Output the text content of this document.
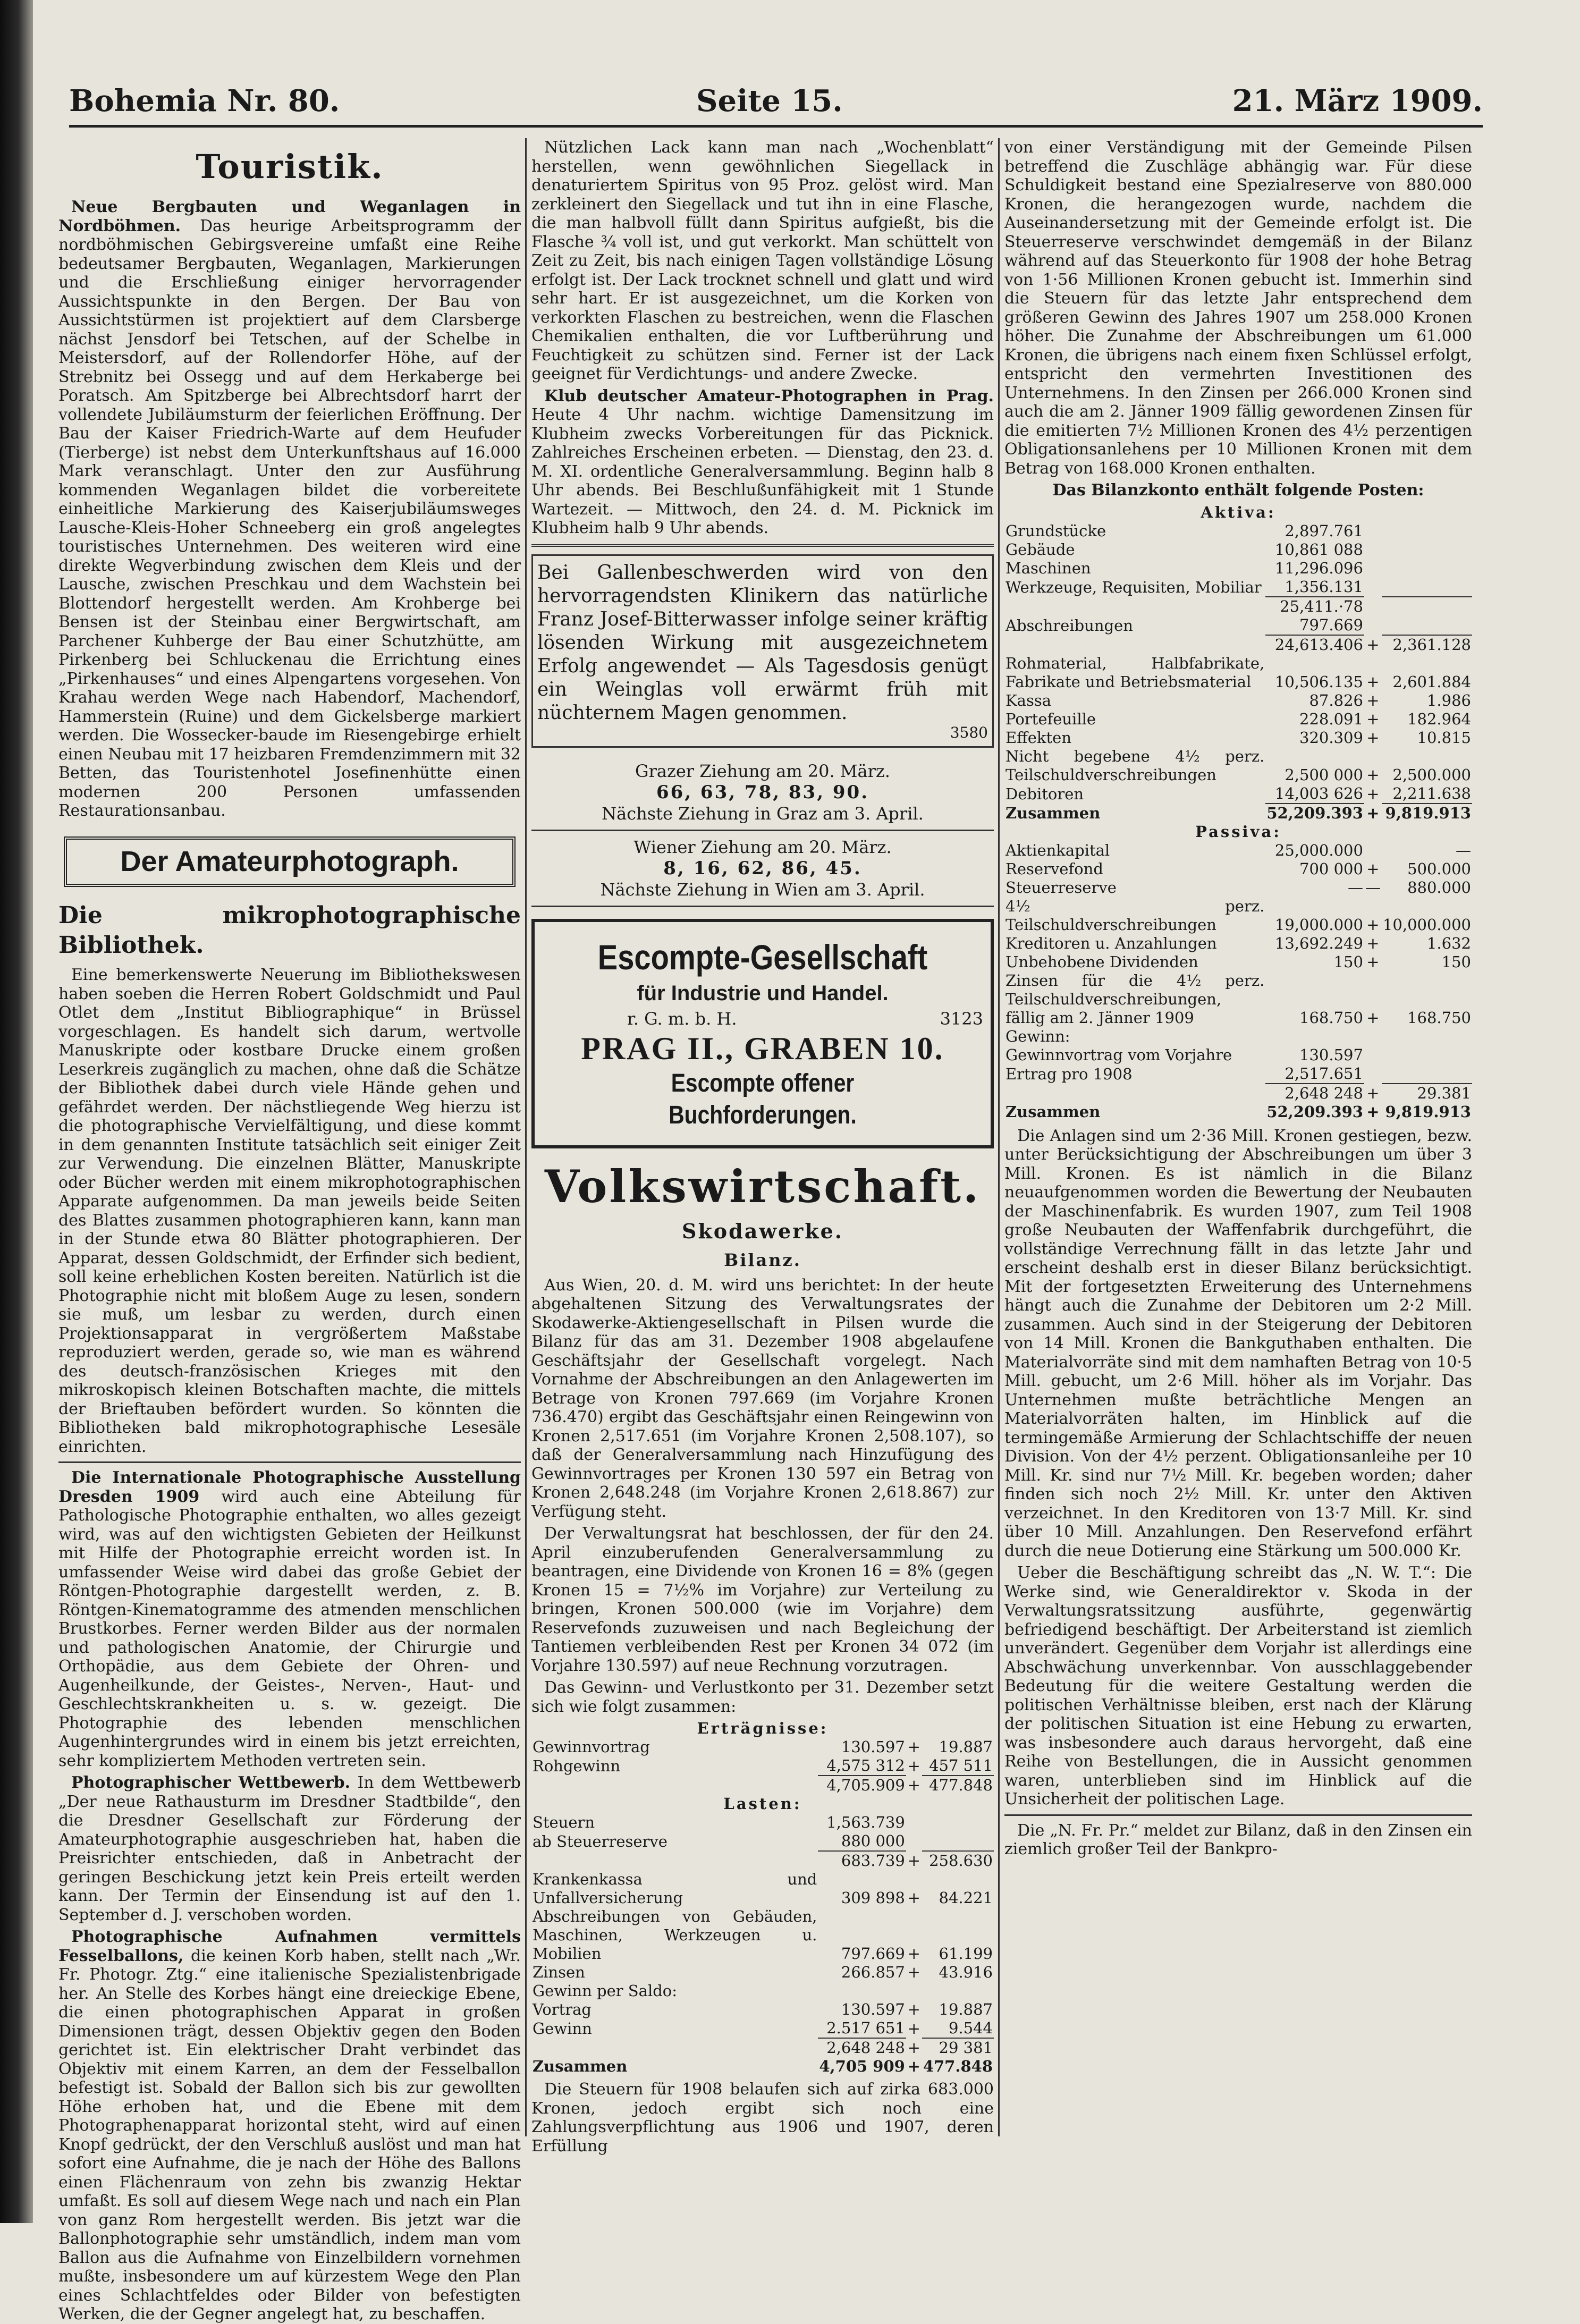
Bohemia Nr. 80.	Seite 15.	21. März 1909.
Touristik.

Neue Bergbauten und Weganlagen in Nordböhmen. Das heurige Arbeitsprogramm der nordböhmischen Gebirgsvereine umfaßt eine Reihe bedeutsamer Bergbauten, Weganlagen, Markierungen und die Erschließung einiger hervorragender Aussichtspunkte in den Bergen. Der Bau von Aussichtstürmen ist projektiert auf dem Clarsberge nächst Jensdorf bei Tetschen, auf der Schelbe in Meistersdorf, auf der Rollendorfer Höhe, auf der Strebnitz bei Ossegg und auf dem Herkaberge bei Poratsch. Am Spitzberge bei Albrechtsdorf harrt der vollendete Jubiläumsturm der feierlichen Eröffnung. Der Bau der Kaiser Friedrich-Warte auf dem Heufuder (Tierberge) ist nebst dem Unterkunftshaus auf 16.000 Mark veranschlagt. Unter den zur Ausführung kommenden Weganlagen bildet die vorbereitete einheitliche Markierung des Kaiserjubiläumsweges Lausche-Kleis-Hoher Schneeberg ein groß angelegtes touristisches Unternehmen. Des weiteren wird eine direkte Wegverbindung zwischen dem Kleis und der Lausche, zwischen Preschkau und dem Wachstein bei Blottendorf hergestellt werden. Am Krohberge bei Bensen ist der Steinbau einer Bergwirtschaft, am Parchener Kuhberge der Bau einer Schutzhütte, am Pirkenberg bei Schluckenau die Errichtung eines „Pirkenhauses“ und eines Alpengartens vorgesehen. Von Krahau werden Wege nach Habendorf, Machendorf, Hammerstein (Ruine) und dem Gickelsberge markiert werden. Die Wossecker-baude im Riesengebirge erhielt einen Neubau mit 17 heizbaren Fremdenzimmern mit 32 Betten, das Touristenhotel Josefinenhütte einen modernen 200 Personen umfassenden Restaurationsanbau.

Der Amateurphotograph.
Die mikrophotographische Bibliothek.

Eine bemerkenswerte Neuerung im Bibliothekswesen haben soeben die Herren Robert Goldschmidt und Paul Otlet dem „Institut Bibliographique“ in Brüssel vorgeschlagen. Es handelt sich darum, wertvolle Manuskripte oder kostbare Drucke einem großen Leserkreis zugänglich zu machen, ohne daß die Schätze der Bibliothek dabei durch viele Hände gehen und gefährdet werden. Der nächstliegende Weg hierzu ist die photographische Vervielfältigung, und diese kommt in dem genannten Institute tatsächlich seit einiger Zeit zur Verwendung. Die einzelnen Blätter, Manuskripte oder Bücher werden mit einem mikrophotographischen Apparate aufgenommen. Da man jeweils beide Seiten des Blattes zusammen photographieren kann, kann man in der Stunde etwa 80 Blätter photographieren. Der Apparat, dessen Goldschmidt, der Erfinder sich bedient, soll keine erheblichen Kosten bereiten. Natürlich ist die Photographie nicht mit bloßem Auge zu lesen, sondern sie muß, um lesbar zu werden, durch einen Projektionsapparat in vergrößertem Maßstabe reproduziert werden, gerade so, wie man es während des deutsch-französischen Krieges mit den mikroskopisch kleinen Botschaften machte, die mittels der Brieftauben befördert wurden. So könnten die Bibliotheken bald mikrophotographische Lesesäle einrichten.

Die Internationale Photographische Ausstellung Dresden 1909 wird auch eine Abteilung für Pathologische Photographie enthalten, wo alles gezeigt wird, was auf den wichtigsten Gebieten der Heilkunst mit Hilfe der Photographie erreicht worden ist. In umfassender Weise wird dabei das große Gebiet der Röntgen-Photographie dargestellt werden, z. B. Röntgen-Kinematogramme des atmenden menschlichen Brustkorbes. Ferner werden Bilder aus der normalen und pathologischen Anatomie, der Chirurgie und Orthopädie, aus dem Gebiete der Ohren- und Augenheilkunde, der Geistes-, Nerven-, Haut- und Geschlechtskrankheiten u. s. w. gezeigt. Die Photographie des lebenden menschlichen Augenhintergrundes wird in einem bis jetzt erreichten, sehr kompliziertem Methoden vertreten sein.

Photographischer Wettbewerb. In dem Wettbewerb „Der neue Rathausturm im Dresdner Stadtbilde“, den die Dresdner Gesellschaft zur Förderung der Amateurphotographie ausgeschrieben hat, haben die Preisrichter entschieden, daß in Anbetracht der geringen Beschickung jetzt kein Preis erteilt werden kann. Der Termin der Einsendung ist auf den 1. September d. J. verschoben worden.

Photographische Aufnahmen vermittels Fesselballons, die keinen Korb haben, stellt nach „Wr. Fr. Photogr. Ztg.“ eine italienische Spezialistenbrigade her. An Stelle des Korbes hängt eine dreieckige Ebene, die einen photographischen Apparat in großen Dimensionen trägt, dessen Objektiv gegen den Boden gerichtet ist. Ein elektrischer Draht verbindet das Objektiv mit einem Karren, an dem der Fesselballon befestigt ist. Sobald der Ballon sich bis zur gewollten Höhe erhoben hat, und die Ebene mit dem Photographenapparat horizontal steht, wird auf einen Knopf gedrückt, der den Verschluß auslöst und man hat sofort eine Aufnahme, die je nach der Höhe des Ballons einen Flächenraum von zehn bis zwanzig Hektar umfaßt. Es soll auf diesem Wege nach und nach ein Plan von ganz Rom hergestellt werden. Bis jetzt war die Ballonphotographie sehr umständlich, indem man vom Ballon aus die Aufnahme von Einzelbildern vornehmen mußte, insbesondere um auf kürzestem Wege den Plan eines Schlachtfeldes oder Bilder von befestigten Werken, die der Gegner angelegt hat, zu beschaffen.

Nützlichen Lack kann man nach „Wochenblatt“ herstellen, wenn gewöhnlichen Siegellack in denaturiertem Spiritus von 95 Proz. gelöst wird. Man zerkleinert den Siegellack und tut ihn in eine Flasche, die man halbvoll füllt dann Spiritus aufgießt, bis die Flasche ¾ voll ist, und gut verkorkt. Man schüttelt von Zeit zu Zeit, bis nach einigen Tagen vollständige Lösung erfolgt ist. Der Lack trocknet schnell und glatt und wird sehr hart. Er ist ausgezeichnet, um die Korken von verkorkten Flaschen zu bestreichen, wenn die Flaschen Chemikalien enthalten, die vor Luftberührung und Feuchtigkeit zu schützen sind. Ferner ist der Lack geeignet für Verdichtungs- und andere Zwecke.

Klub deutscher Amateur-Photographen in Prag. Heute 4 Uhr nachm. wichtige Damensitzung im Klubheim zwecks Vorbereitungen für das Picknick. Zahlreiches Erscheinen erbeten. — Dienstag, den 23. d. M. XI. ordentliche Generalversammlung. Beginn halb 8 Uhr abends. Bei Beschlußunfähigkeit mit 1 Stunde Wartezeit. — Mittwoch, den 24. d. M. Picknick im Klubheim halb 9 Uhr abends.

Bei Gallenbeschwerden wird von den hervorragendsten Klinikern das natürliche Franz Josef-Bitterwasser infolge seiner kräftig lösenden Wirkung mit ausgezeichnetem Erfolg angewendet — Als Tagesdosis genügt ein Weinglas voll erwärmt früh mit nüchternem Magen genommen.
3580
Grazer Ziehung am 20. März.
66, 63, 78, 83, 90.
Nächste Ziehung in Graz am 3. April.
Wiener Ziehung am 20. März.
8, 16, 62, 86, 45.
Nächste Ziehung in Wien am 3. April.
Escompte-Gesellschaft
für Industrie und Handel.
r. G. m. b. H.	3123
PRAG II., GRABEN 10.
Escompte offener Buchforderungen.
Volkswirtschaft.
Skodawerke.
Bilanz.

Aus Wien, 20. d. M. wird uns berichtet: In der heute abgehaltenen Sitzung des Verwaltungsrates der Skodawerke-Aktiengesellschaft in Pilsen wurde die Bilanz für das am 31. Dezember 1908 abgelaufene Geschäftsjahr der Gesellschaft vorgelegt. Nach Vornahme der Abschreibungen an den Anlagewerten im Betrage von Kronen 797.669 (im Vorjahre Kronen 736.470) ergibt das Geschäftsjahr einen Reingewinn von Kronen 2,517.651 (im Vorjahre Kronen 2,508.107), so daß der Generalversammlung nach Hinzufügung des Gewinnvortrages per Kronen 130 597 ein Betrag von Kronen 2,648.248 (im Vorjahre Kronen 2,618.867) zur Verfügung steht.

Der Verwaltungsrat hat beschlossen, der für den 24. April einzuberufenden Generalversammlung zu beantragen, eine Dividende von Kronen 16 = 8% (gegen Kronen 15 = 7½% im Vorjahre) zur Verteilung zu bringen, Kronen 500.000 (wie im Vorjahre) dem Reservefonds zuzuweisen und nach Begleichung der Tantiemen verbleibenden Rest per Kronen 34 072 (im Vorjahre 130.597) auf neue Rechnung vorzutragen.

Das Gewinn- und Verlustkonto per 31. Dezember setzt sich wie folgt zusammen:

Erträgnisse:			
Gewinnvortrag	130.597	+	19.887
Rohgewinn	4,575 312	+	457 511
	4,705.909	+	477.848
Lasten:			
Steuern	1,563.739		
ab Steuerreserve	880 000		
	683.739	+	258.630
Krankenkassa und Unfallversicherung	309 898	+	84.221
Abschreibungen von Gebäuden, Maschinen, Werkzeugen u. Mobilien	797.669	+	61.199
Zinsen	266.857	+	43.916
Gewinn per Saldo:			
Vortrag	130.597	+	19.887
Gewinn	2.517 651	+	9.544
	2,648 248	+	29 381
Zusammen	4,705 909	+	477.848

Die Steuern für 1908 belaufen sich auf zirka 683.000 Kronen, jedoch ergibt sich noch eine Zahlungsverpflichtung aus 1906 und 1907, deren Erfüllung

von einer Verständigung mit der Gemeinde Pilsen betreffend die Zuschläge abhängig war. Für diese Schuldigkeit bestand eine Spezialreserve von 880.000 Kronen, die herangezogen wurde, nachdem die Auseinandersetzung mit der Gemeinde erfolgt ist. Die Steuerreserve verschwindet demgemäß in der Bilanz während auf das Steuerkonto für 1908 der hohe Betrag von 1·56 Millionen Kronen gebucht ist. Immerhin sind die Steuern für das letzte Jahr entsprechend dem größeren Gewinn des Jahres 1907 um 258.000 Kronen höher. Die Zunahme der Abschreibungen um 61.000 Kronen, die übrigens nach einem fixen Schlüssel erfolgt, entspricht den vermehrten Investitionen des Unternehmens. In den Zinsen per 266.000 Kronen sind auch die am 2. Jänner 1909 fällig gewordenen Zinsen für die emitierten 7½ Millionen Kronen des 4½ perzentigen Obligationsanlehens per 10 Millionen Kronen mit dem Betrag von 168.000 Kronen enthalten.

Das Bilanzkonto enthält folgende Posten:

Aktiva:			
Grundstücke	2,897.761		
Gebäude	10,861 088		
Maschinen	11,296.096		
Werkzeuge, Requisiten, Mobiliar	1,356.131		
	25,411.·78		
Abschreibungen	797.669		
	24,613.406	+	2,361.128
Rohmaterial, Halbfabrikate, Fabrikate und Betriebsmaterial	10,506.135	+	2,601.884
Kassa	87.826	+	1.986
Portefeuille	228.091	+	182.964
Effekten	320.309	+	10.815
Nicht begebene 4½ perz. Teilschuldverschreibungen	2,500 000	+	2,500.000
Debitoren	14,003 626	+	2,211.638
Zusammen	52,209.393	+	9,819.913
Passiva:			
Aktienkapital	25,000.000		—
Reservefond	700 000	+	500.000
Steuerreserve	—	—	880.000
4½ perz. Teilschuldverschreibungen	19,000.000	+	10,000.000
Kreditoren u. Anzahlungen	13,692.249	+	1.632
Unbehobene Dividenden	150	+	150
Zinsen für die 4½ perz. Teilschuldverschreibungen, fällig am 2. Jänner 1909	168.750	+	168.750
Gewinn:			
Gewinnvortrag vom Vorjahre	130.597		
Ertrag pro 1908	2,517.651		
	2,648 248	+	29.381
Zusammen	52,209.393	+	9,819.913

Die Anlagen sind um 2·36 Mill. Kronen gestiegen, bezw. unter Berücksichtigung der Abschreibungen um über 3 Mill. Kronen. Es ist nämlich in die Bilanz neuaufgenommen worden die Bewertung der Neubauten der Maschinenfabrik. Es wurden 1907, zum Teil 1908 große Neubauten der Waffenfabrik durchgeführt, die vollständige Verrechnung fällt in das letzte Jahr und erscheint deshalb erst in dieser Bilanz berücksichtigt. Mit der fortgesetzten Erweiterung des Unternehmens hängt auch die Zunahme der Debitoren um 2·2 Mill. zusammen. Auch sind in der Steigerung der Debitoren von 14 Mill. Kronen die Bankguthaben enthalten. Die Materialvorräte sind mit dem namhaften Betrag von 10·5 Mill. gebucht, um 2·6 Mill. höher als im Vorjahr. Das Unternehmen mußte beträchtliche Mengen an Materialvorräten halten, im Hinblick auf die termingemäße Armierung der Schlachtschiffe der neuen Division. Von der 4½ perzent. Obligationsanleihe per 10 Mill. Kr. sind nur 7½ Mill. Kr. begeben worden; daher finden sich noch 2½ Mill. Kr. unter den Aktiven verzeichnet. In den Kreditoren von 13·7 Mill. Kr. sind über 10 Mill. Anzahlungen. Den Reservefond erfährt durch die neue Dotierung eine Stärkung um 500.000 Kr.

Ueber die Beschäftigung schreibt das „N. W. T.“: Die Werke sind, wie Generaldirektor v. Skoda in der Verwaltungsratssitzung ausführte, gegenwärtig befriedigend beschäftigt. Der Arbeiterstand ist ziemlich unverändert. Gegenüber dem Vorjahr ist allerdings eine Abschwächung unverkennbar. Von ausschlaggebender Bedeutung für die weitere Gestaltung werden die politischen Verhältnisse bleiben, erst nach der Klärung der politischen Situation ist eine Hebung zu erwarten, was insbesondere auch daraus hervorgeht, daß eine Reihe von Bestellungen, die in Aussicht genommen waren, unterblieben sind im Hinblick auf die Unsicherheit der politischen Lage.

Die „N. Fr. Pr.“ meldet zur Bilanz, daß in den Zinsen ein ziemlich großer Teil der Bankpro-
